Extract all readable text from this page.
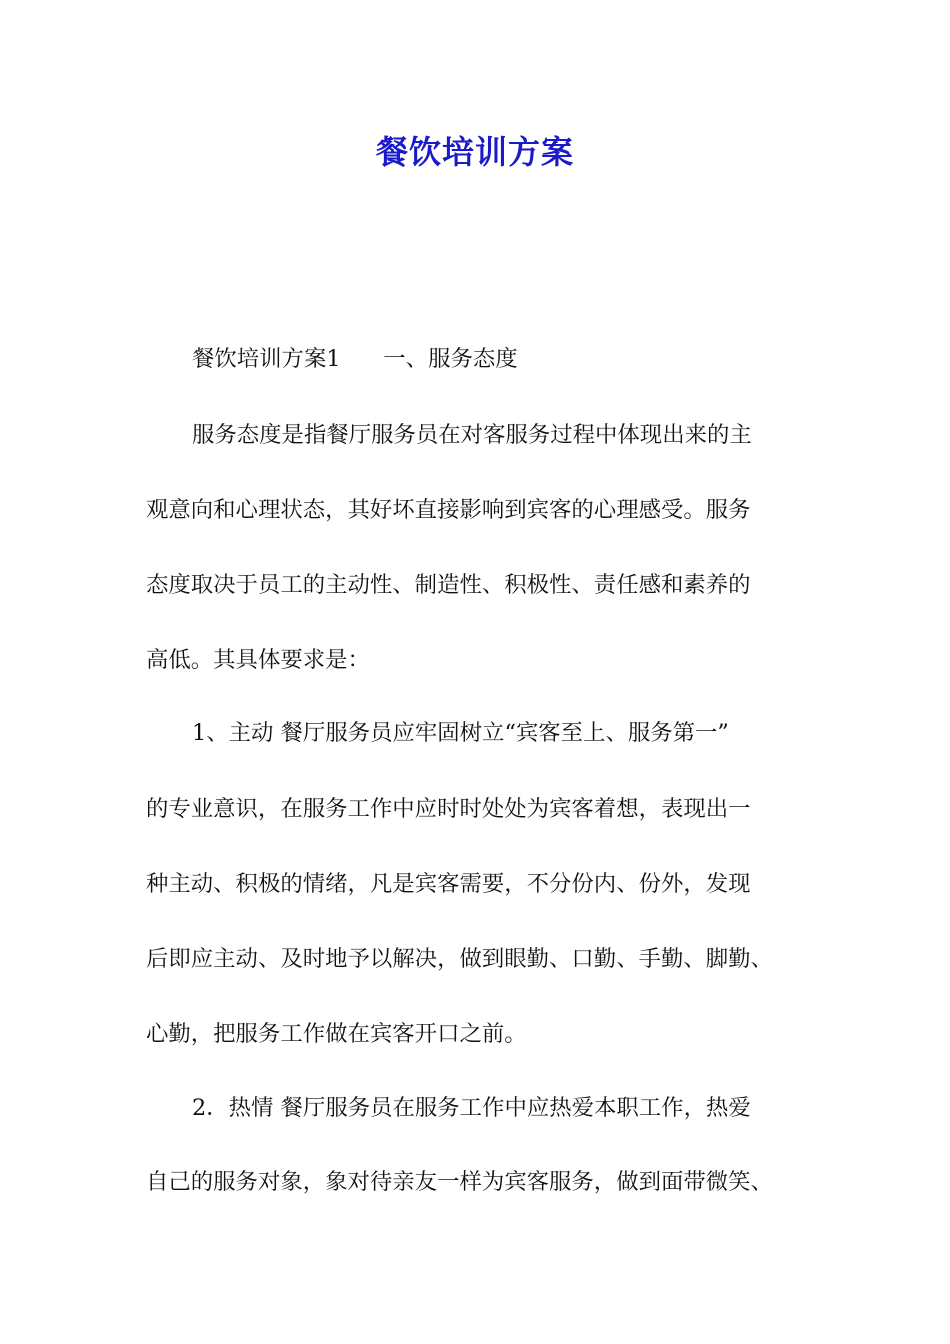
餐饮培训方案
餐饮培训方案1      一、服务态度
服务态度是指餐厅服务员在对客服务过程中体现出来的主
观意向和心理状态，其好坏直接影响到宾客的心理感受。服务
态度取决于员工的主动性、制造性、积极性、责任感和素养的
高低。其具体要求是：
1、主动 餐厅服务员应牢固树立“宾客至上、服务第一”
的专业意识，在服务工作中应时时处处为宾客着想，表现出一
种主动、积极的情绪，凡是宾客需要，不分份内、份外，发现
后即应主动、及时地予以解决，做到眼勤、口勤、手勤、脚勤、
心勤，把服务工作做在宾客开口之前。
2．热情 餐厅服务员在服务工作中应热爱本职工作，热爱
自己的服务对象，象对待亲友一样为宾客服务，做到面带微笑、
